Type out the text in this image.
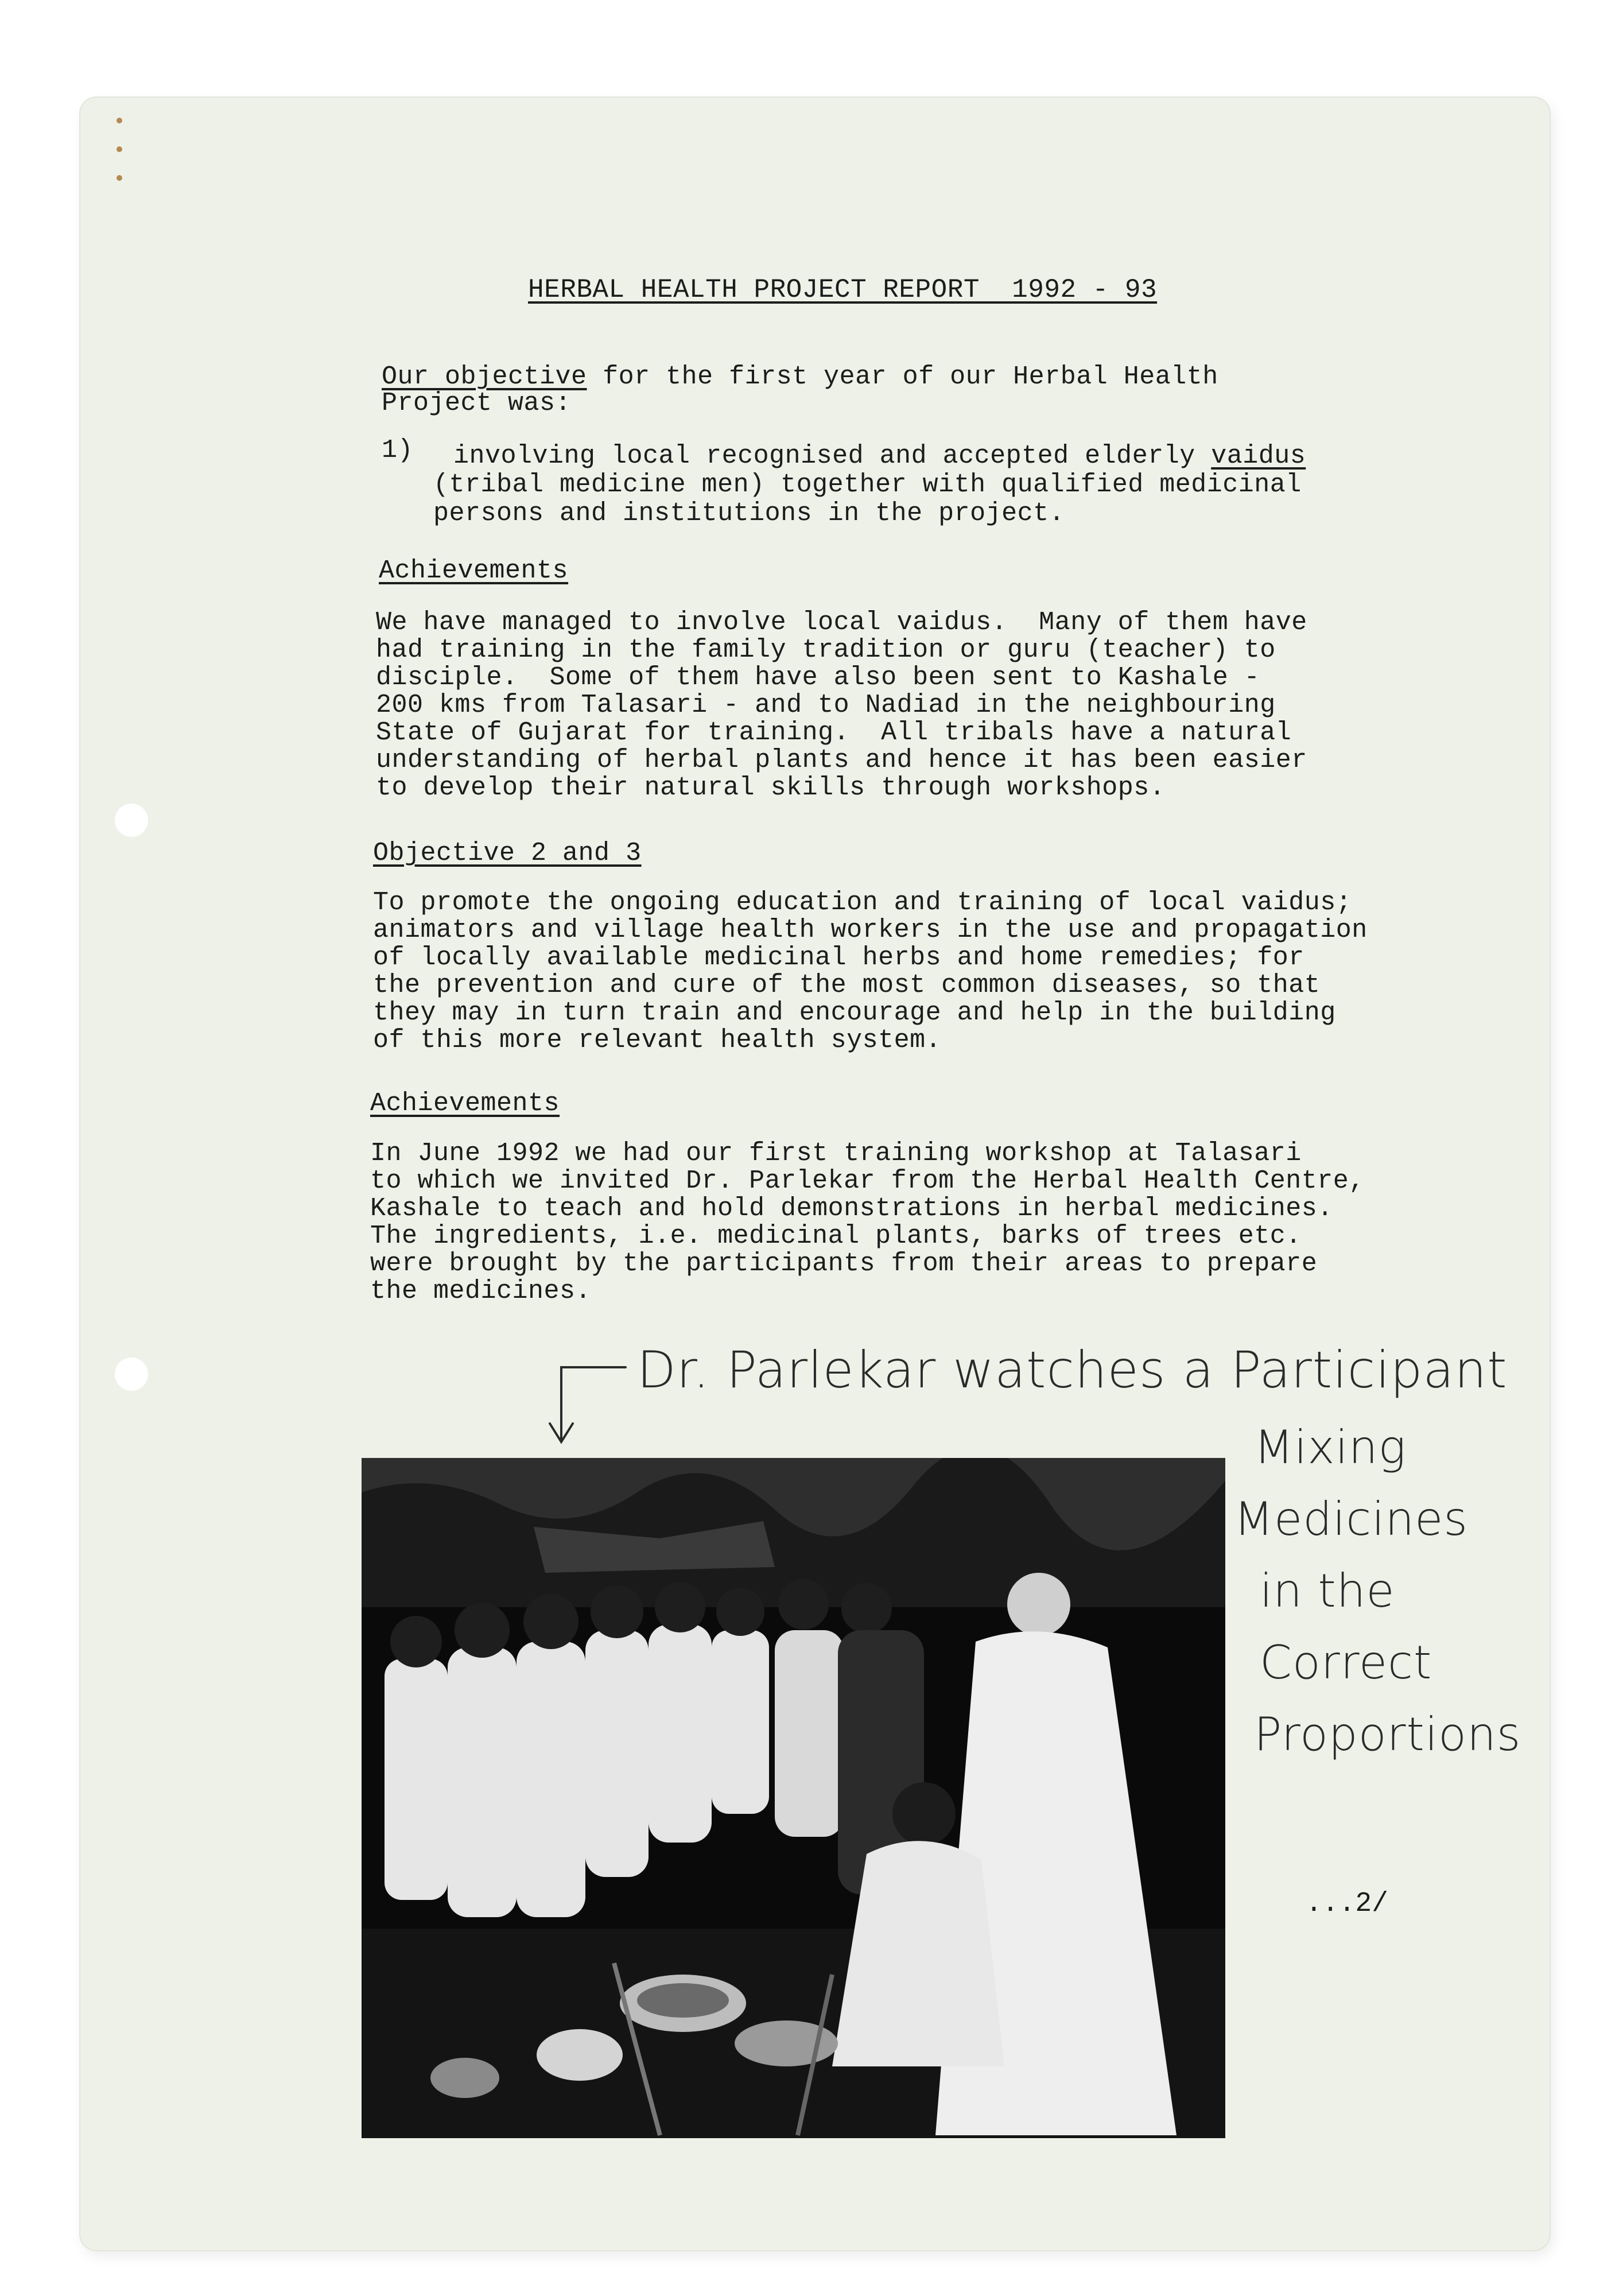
HERBAL HEALTH PROJECT REPORT  1992 - 93
Our objective for the first year of our Herbal Health
Project was:
1) involving local recognised and accepted elderly vaidus
(tribal medicine men) together with qualified medicinal
persons and institutions in the project.
Achievements
We have managed to involve local vaidus.  Many of them have
had training in the family tradition or guru (teacher) to
disciple.  Some of them have also been sent to Kashale -
200 kms from Talasari - and to Nadiad in the neighbouring
State of Gujarat for training.  All tribals have a natural
understanding of herbal plants and hence it has been easier
to develop their natural skills through workshops.
Objective 2 and 3
To promote the ongoing education and training of local vaidus;
animators and village health workers in the use and propagation
of locally available medicinal herbs and home remedies; for
the prevention and cure of the most common diseases, so that
they may in turn train and encourage and help in the building
of this more relevant health system.
Achievements
In June 1992 we had our first training workshop at Talasari
to which we invited Dr. Parlekar from the Herbal Health Centre,
Kashale to teach and hold demonstrations in herbal medicines.
The ingredients, i.e. medicinal plants, barks of trees etc.
were brought by the participants from their areas to prepare
the medicines.
Dr. Parlekar watches a Participant
Mixing
Medicines
in the
Correct
Proportions
...2/
